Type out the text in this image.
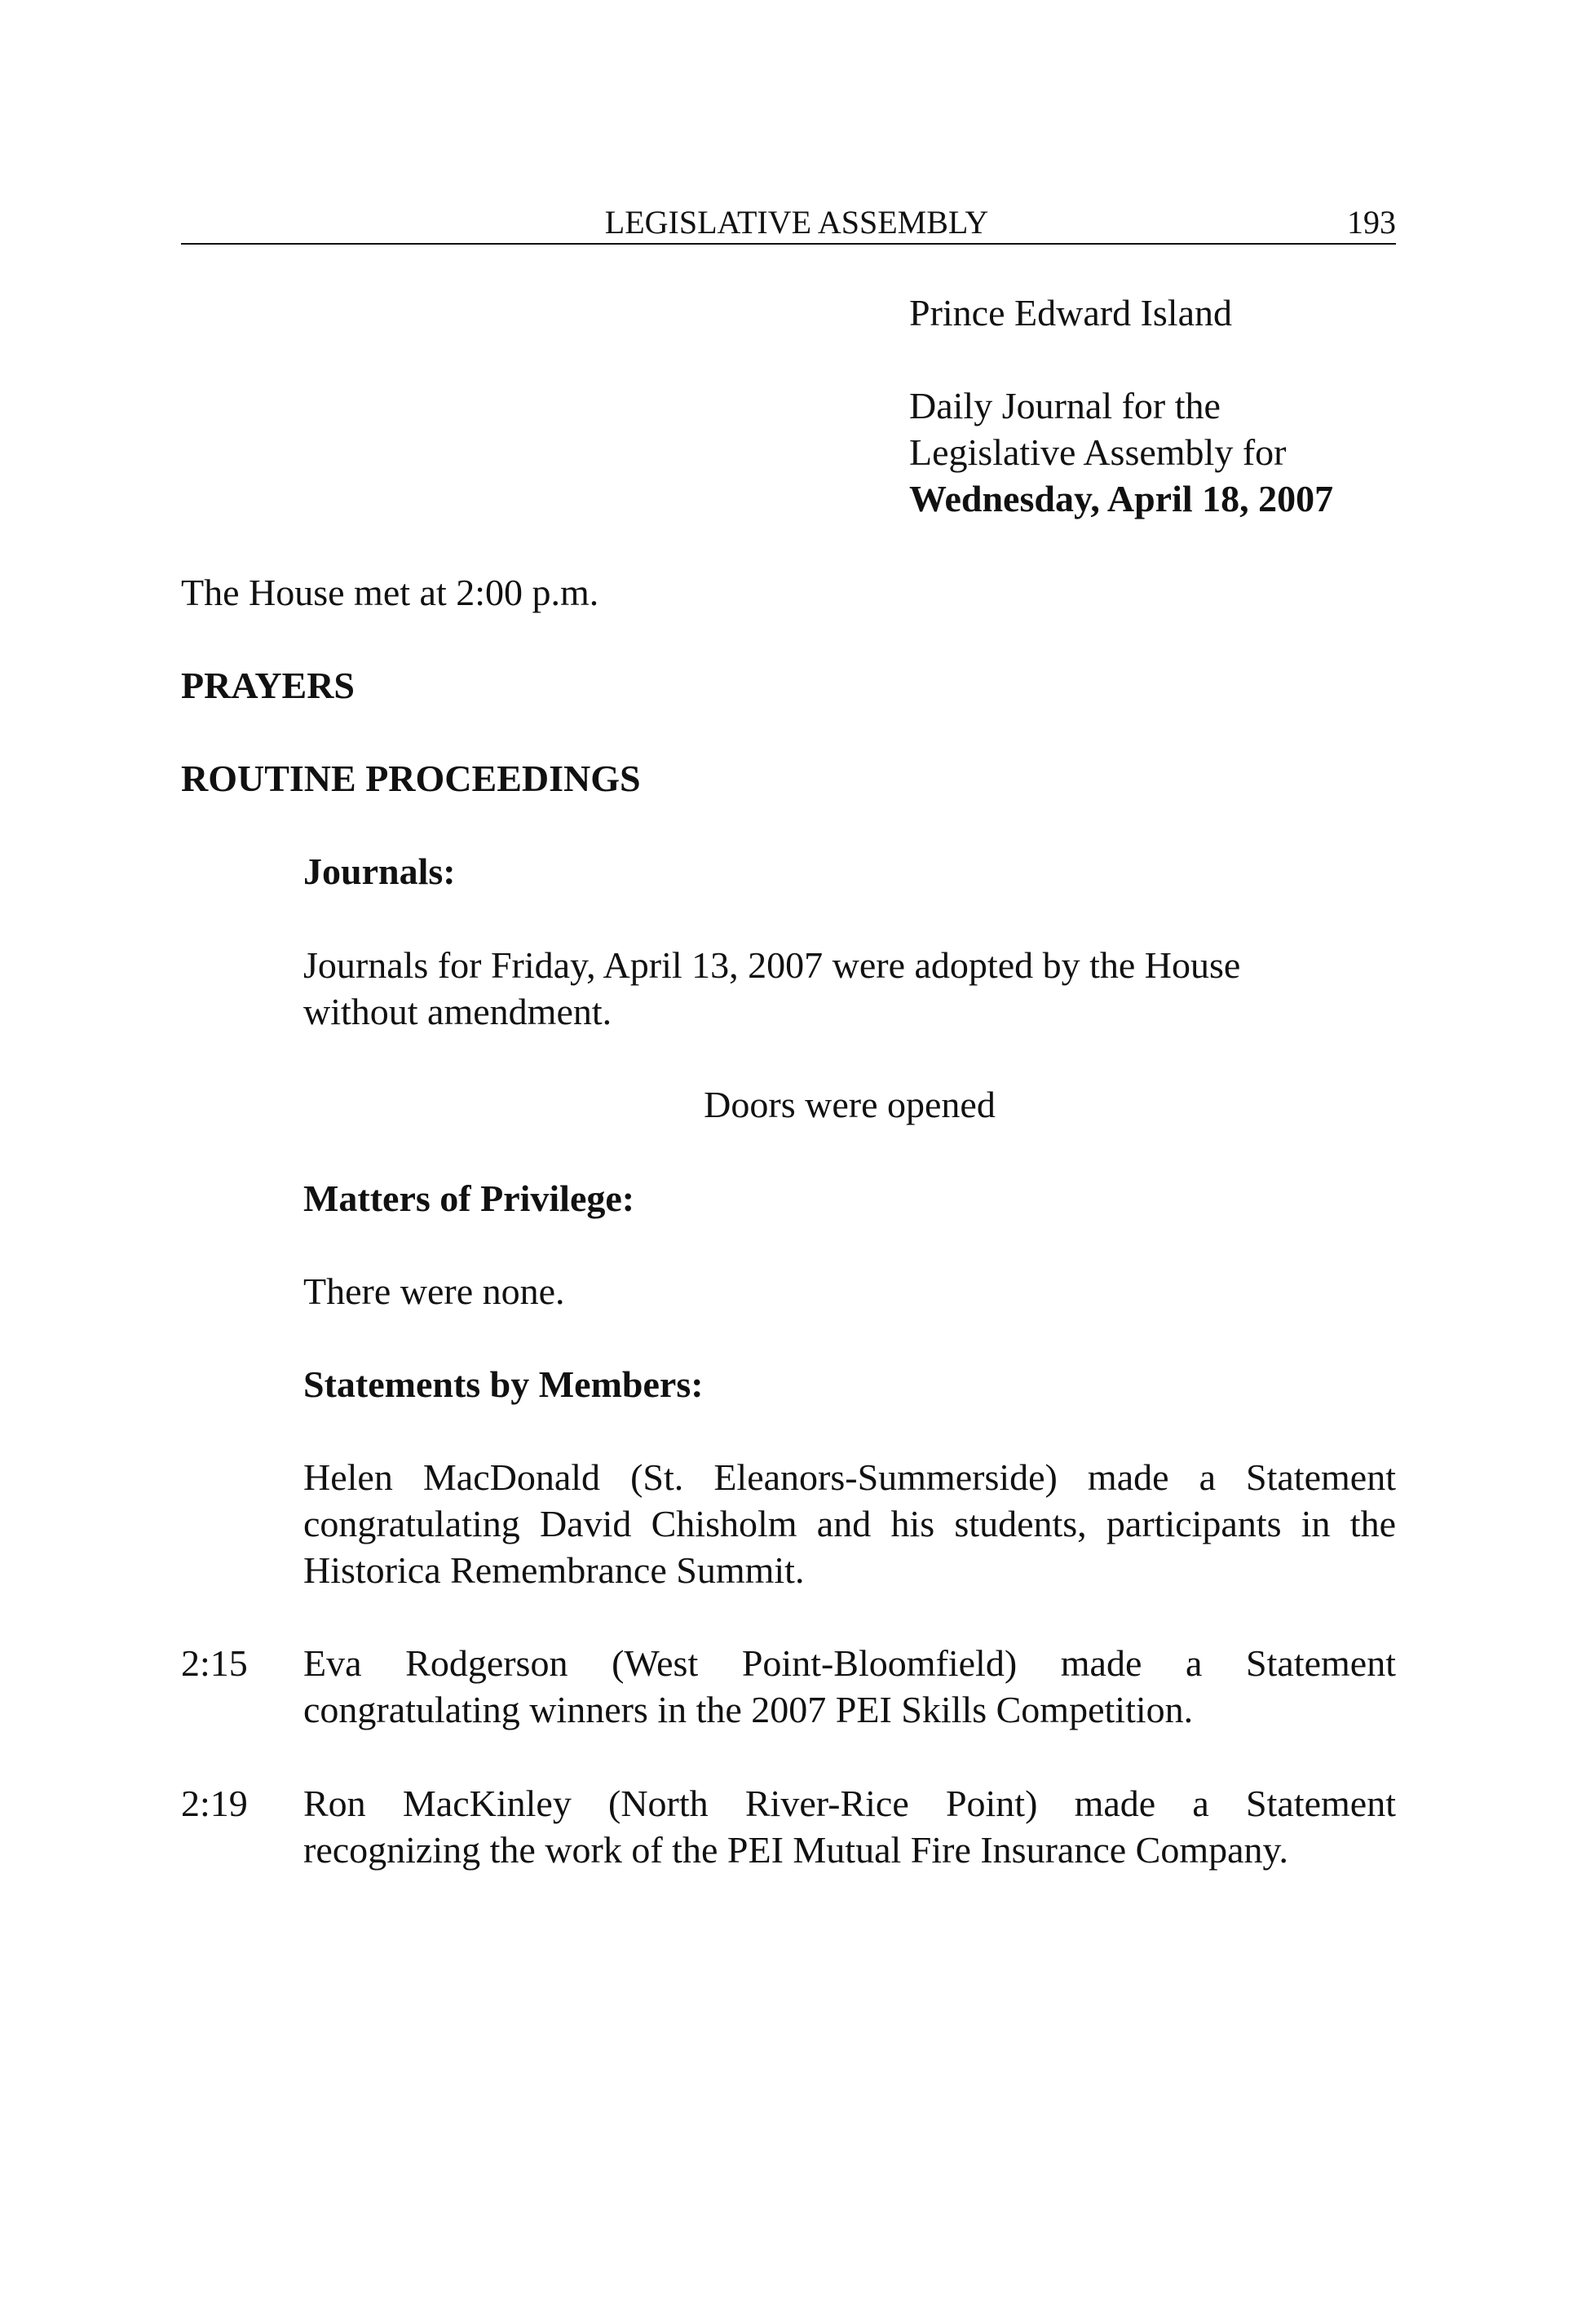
LEGISLATIVE ASSEMBLY	193
Prince Edward Island
Daily Journal for the
Legislative Assembly for
Wednesday, April 18, 2007

The House met at 2:00 p.m.

PRAYERS

ROUTINE PROCEEDINGS

Journals:

Journals for Friday, April 13, 2007 were adopted by the House
without amendment.

Doors were opened

Matters of Privilege:

There were none.

Statements by Members:

Helen MacDonald (St. Eleanors-Summerside) made a Statement
congratulating David Chisholm and his students, participants in the
Historica Remembrance Summit.
2:15 Eva Rodgerson (West Point-Bloomfield) made a Statement
congratulating winners in the 2007 PEI Skills Competition.
2:19 Ron MacKinley (North River-Rice Point) made a Statement
recognizing the work of the PEI Mutual Fire Insurance Company.
